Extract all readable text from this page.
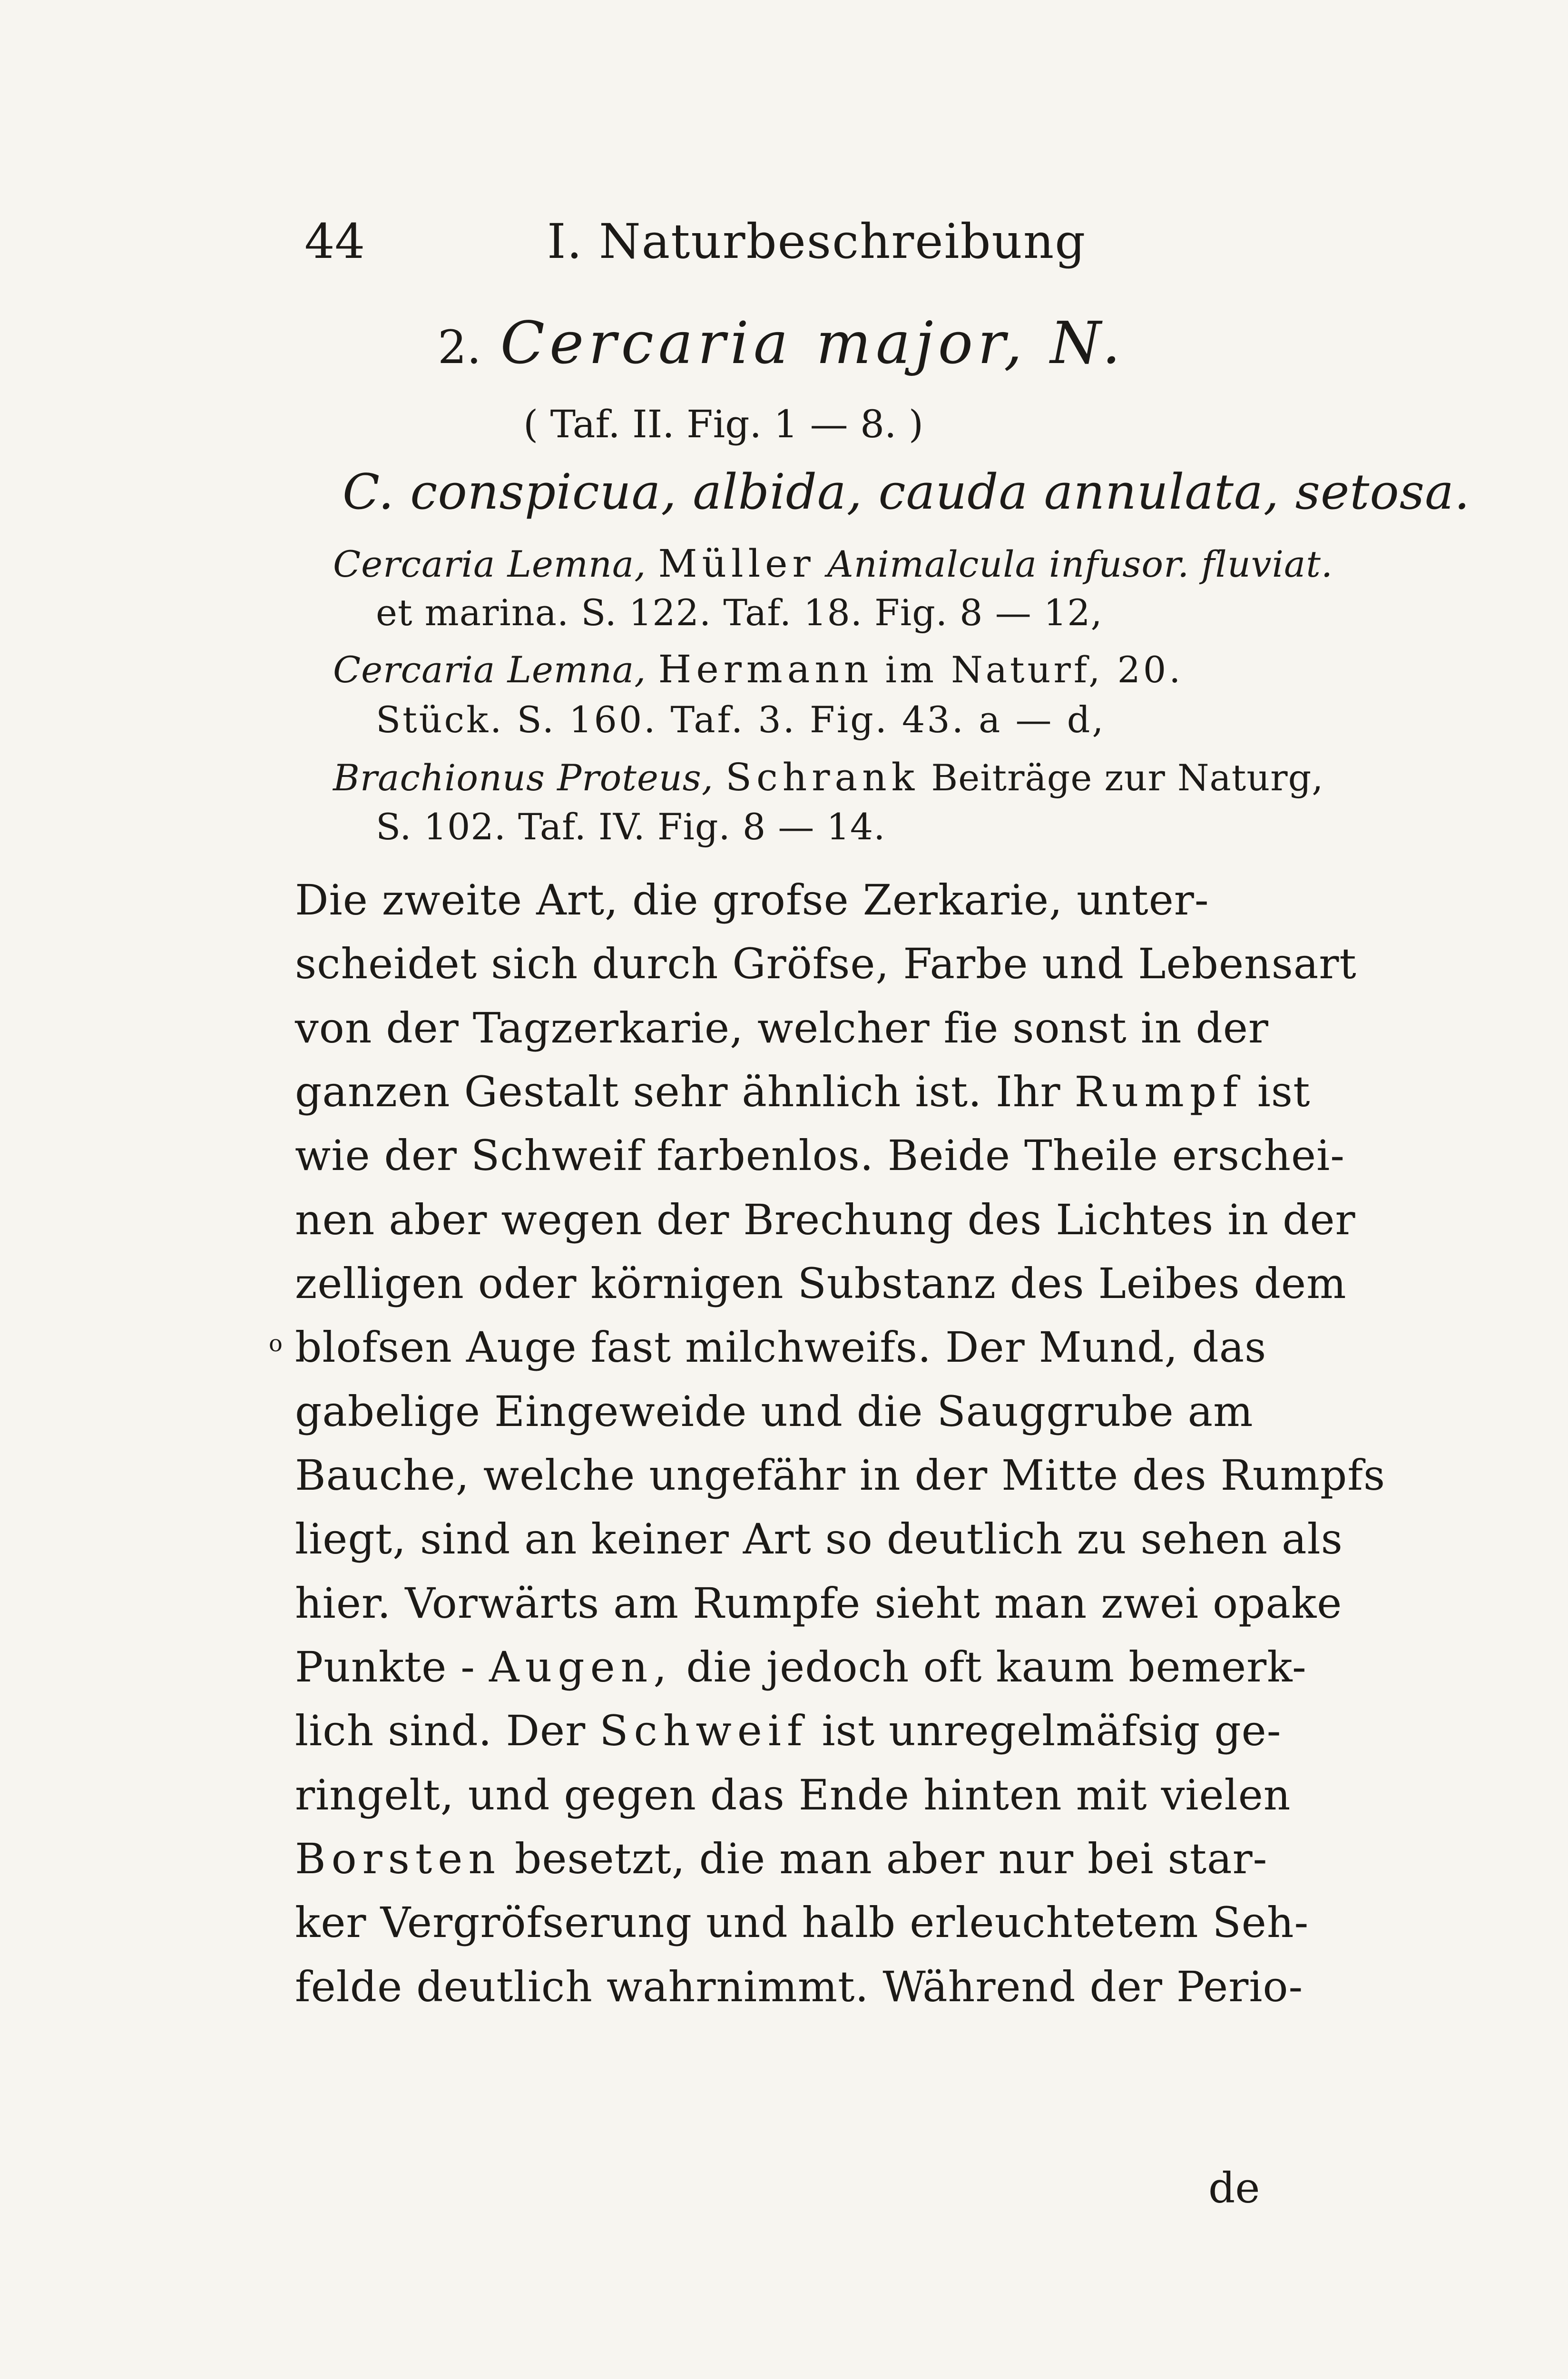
44	I. Naturbeschreibung
2. Cercaria major, N.
( Taf. II. Fig. 1 — 8. )
C. conspicua, albida, cauda annulata, setosa.
Cercaria Lemna, Müller Animalcula infusor. fluviat.
et marina. S. 122. Taf. 18. Fig. 8 — 12,
Cercaria Lemna, Hermann im Naturf, 20.
Stück. S. 160. Taf. 3. Fig. 43. a — d,
Brachionus Proteus, Schrank Beiträge zur Naturg,
S. 102. Taf. IV. Fig. 8 — 14.
Die zweite Art, die grofse Zerkarie, unter-
scheidet sich durch Gröfse, Farbe und Lebensart
von der Tagzerkarie, welcher fie sonst in der
ganzen Gestalt sehr ähnlich ist. Ihr Rumpf ist
wie der Schweif farbenlos. Beide Theile erschei-
nen aber wegen der Brechung des Lichtes in der
zelligen oder körnigen Substanz des Leibes dem
o blofsen Auge fast milchweifs. Der Mund, das
gabelige Eingeweide und die Sauggrube am
Bauche, welche ungefähr in der Mitte des Rumpfs
liegt, sind an keiner Art so deutlich zu sehen als
hier. Vorwärts am Rumpfe sieht man zwei opake
Punkte - Augen, die jedoch oft kaum bemerk-
lich sind. Der Schweif ist unregelmäfsig ge-
ringelt, und gegen das Ende hinten mit vielen
Borsten besetzt, die man aber nur bei star-
ker Vergröfserung und halb erleuchtetem Seh-
felde deutlich wahrnimmt. Während der Perio-
de
